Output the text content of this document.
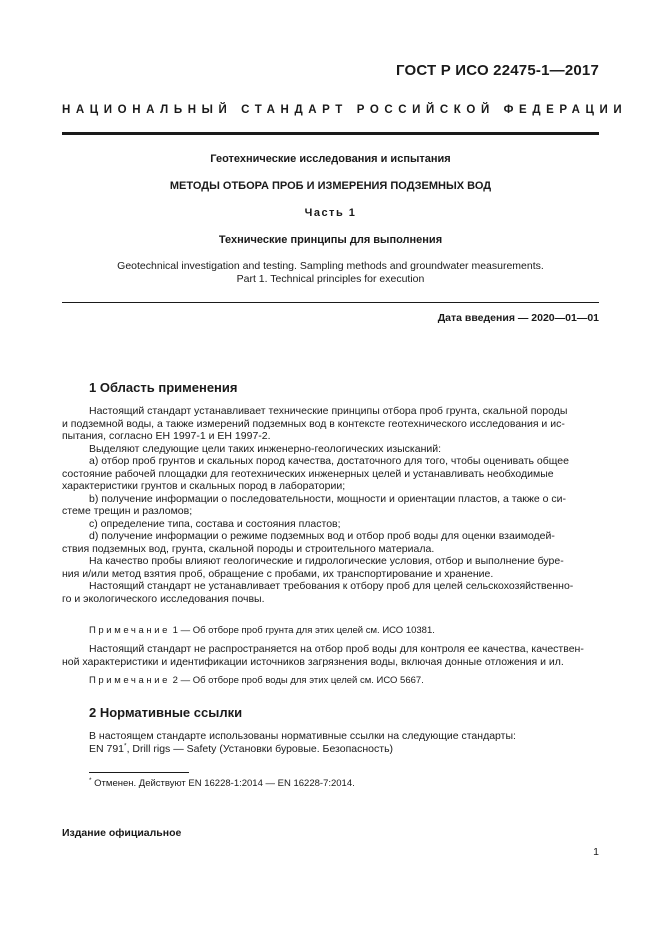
ГОСТ Р ИСО 22475-1—2017
НАЦИОНАЛЬНЫЙ СТАНДАРТ РОССИЙСКОЙ ФЕДЕРАЦИИ
Геотехнические исследования и испытания
МЕТОДЫ ОТБОРА ПРОБ И ИЗМЕРЕНИЯ ПОДЗЕМНЫХ ВОД
Часть 1
Технические принципы для выполнения
Geotechnical investigation and testing. Sampling methods and groundwater measurements.
Part 1. Technical principles for execution
Дата введения — 2020—01—01
1 Область применения
Настоящий стандарт устанавливает технические принципы отбора проб грунта, скальной породы
и подземной воды, а также измерений подземных вод в контексте геотехнического исследования и ис-
пытания, согласно ЕН 1997-1 и ЕН 1997-2.
Выделяют следующие цели таких инженерно-геологических изысканий:
а) отбор проб грунтов и скальных пород качества, достаточного для того, чтобы оценивать общее
состояние рабочей площадки для геотехнических инженерных целей и устанавливать необходимые
характеристики грунтов и скальных пород в лаборатории;
b) получение информации о последовательности, мощности и ориентации пластов, а также о си-
стеме трещин и разломов;
с) определение типа, состава и состояния пластов;
d) получение информации о режиме подземных вод и отбор проб воды для оценки взаимодей-
ствия подземных вод, грунта, скальной породы и строительного материала.
На качество пробы влияют геологические и гидрологические условия, отбор и выполнение буре-
ния и/или метод взятия проб, обращение с пробами, их транспортирование и хранение.
Настоящий стандарт не устанавливает требования к отбору проб для целей сельскохозяйственно-
го и экологического исследования почвы.
Примечание 1 — Об отборе проб грунта для этих целей см. ИСО 10381.
Настоящий стандарт не распространяется на отбор проб воды для контроля ее качества, качествен-
ной характеристики и идентификации источников загрязнения воды, включая донные отложения и ил.
Примечание 2 — Об отборе проб воды для этих целей см. ИСО 5667.
2 Нормативные ссылки
В настоящем стандарте использованы нормативные ссылки на следующие стандарты:
EN 791*, Drill rigs — Safety (Установки буровые. Безопасность)
* Отменен. Действуют EN 16228-1:2014 — EN 16228-7:2014.
Издание официальное
1
